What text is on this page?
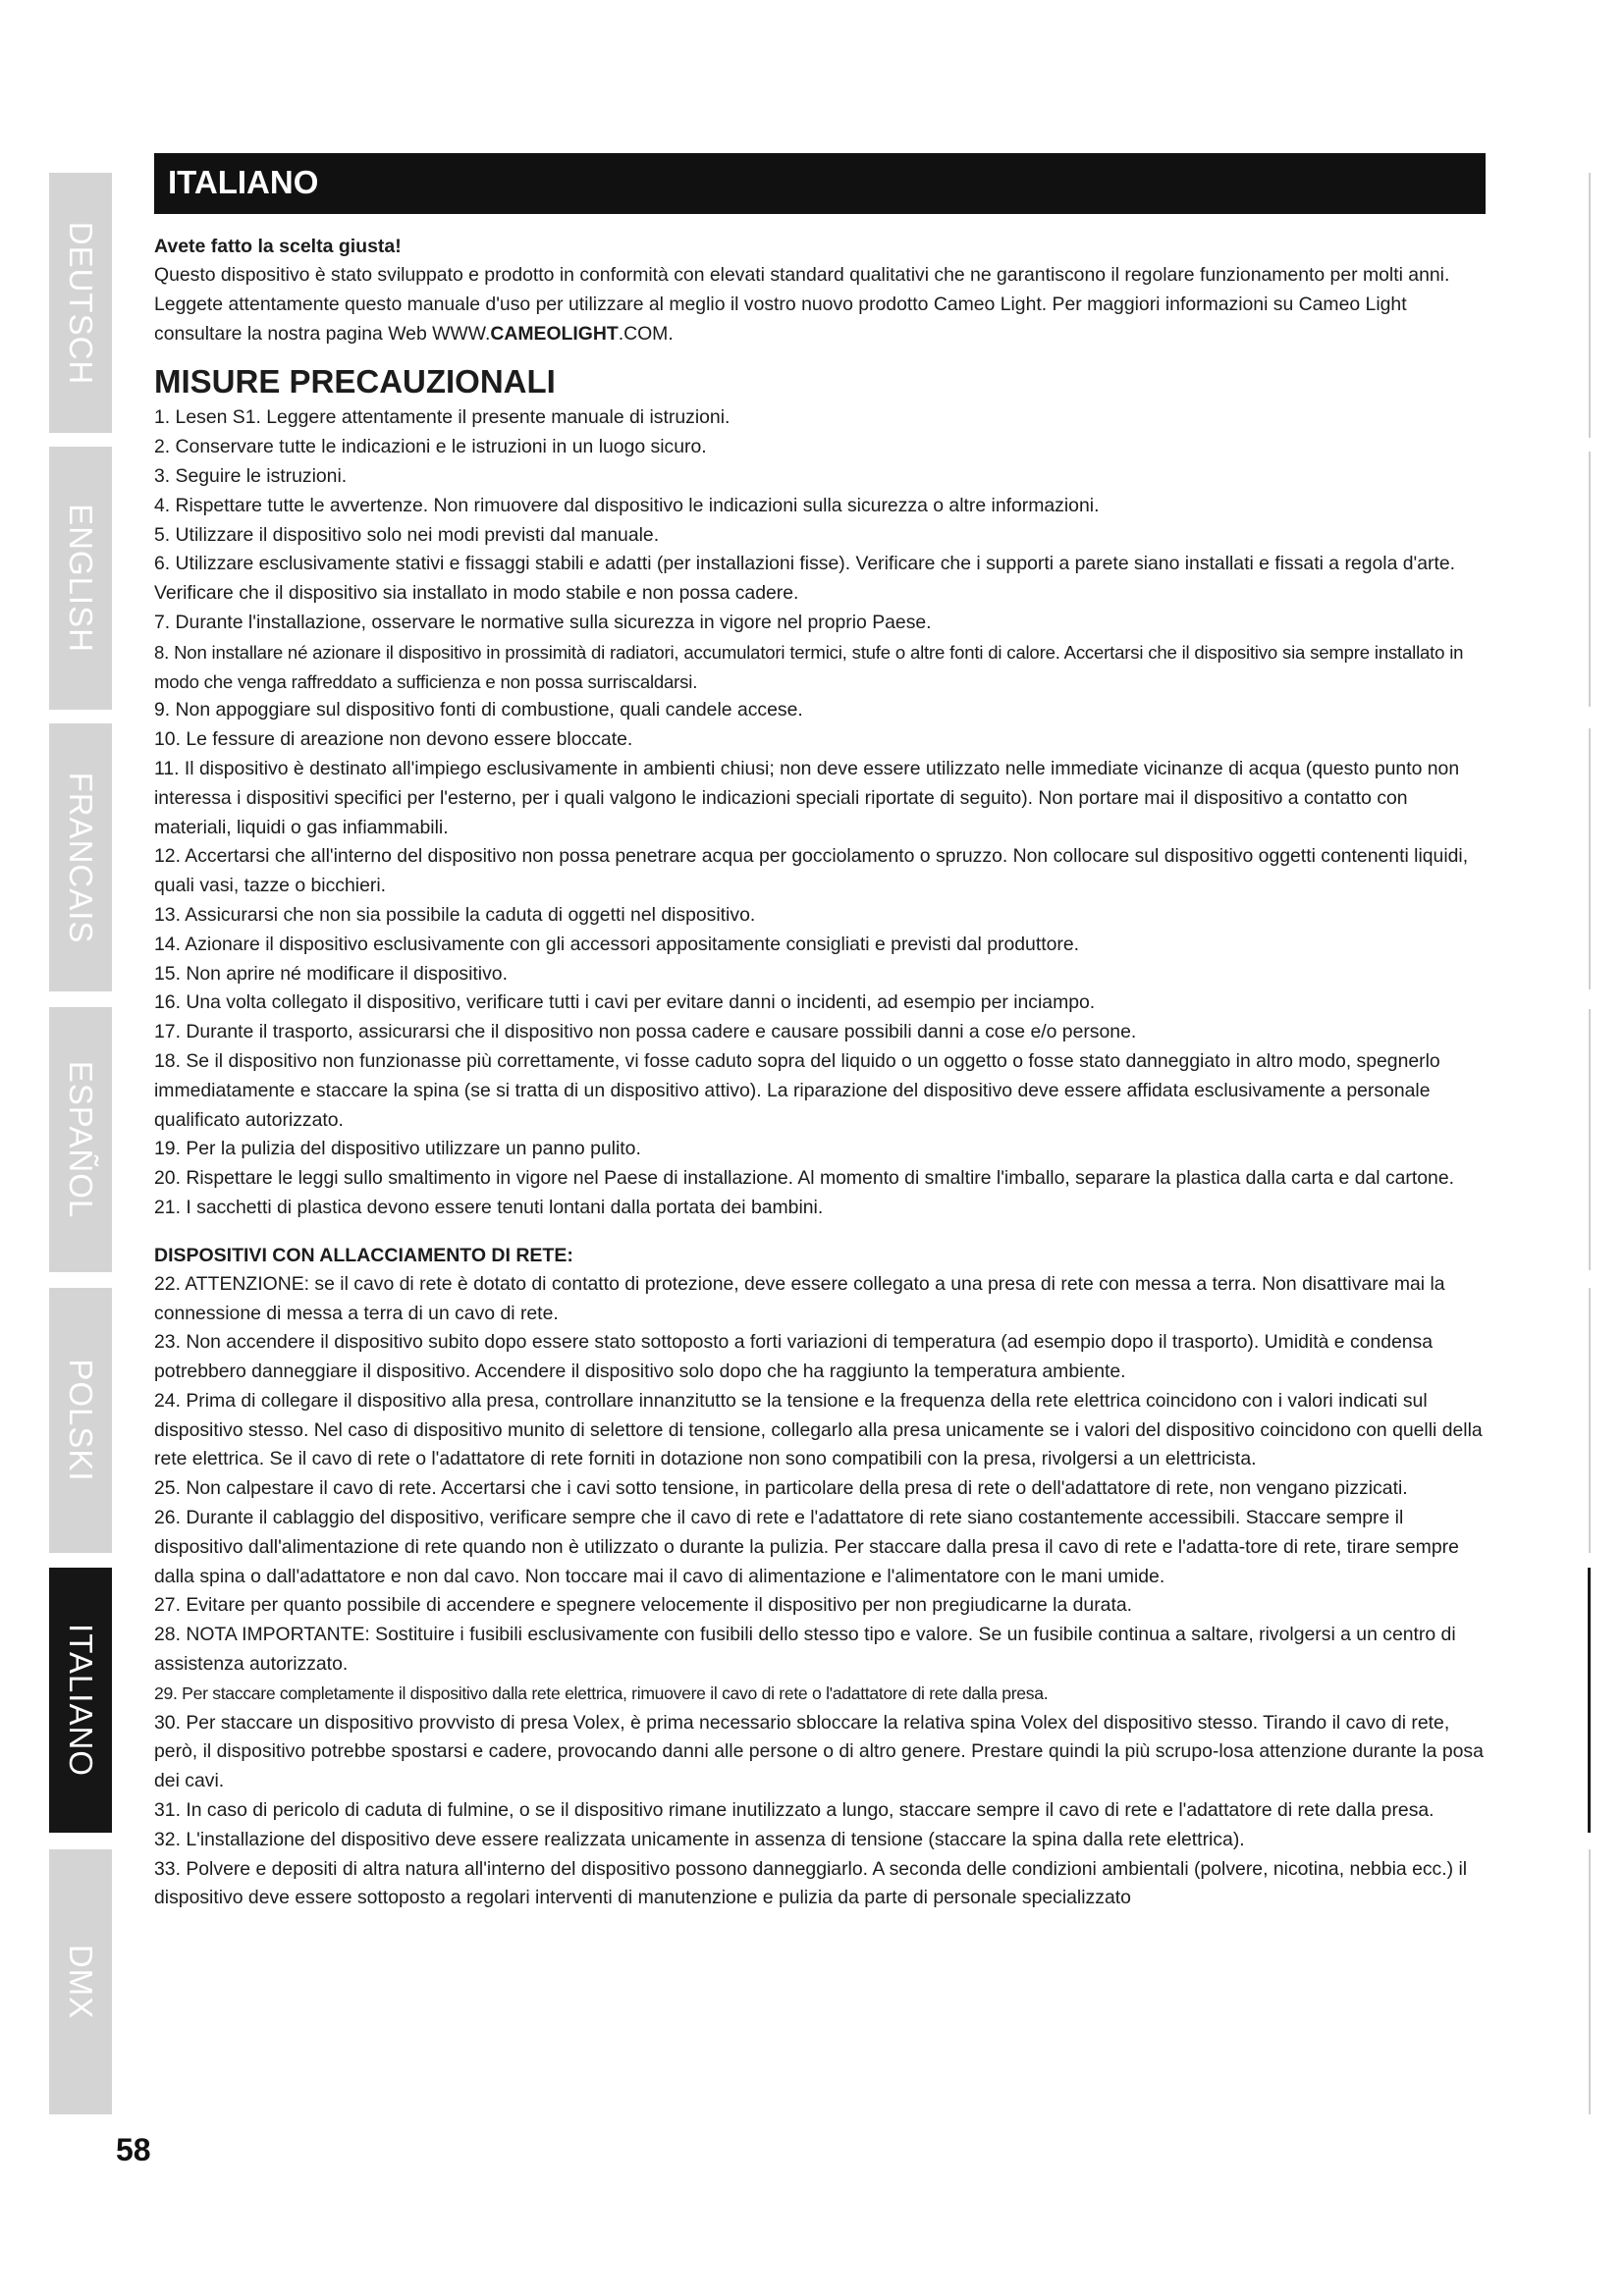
DEUTSCH
ENGLISH
FRANCAIS
ESPAÑOL
POLSKI
ITALIANO
DMX
ITALIANO

Avete fatto la scelta giusta!

Questo dispositivo è stato sviluppato e prodotto in conformità con elevati standard qualitativi che ne garantiscono il regolare funzionamento per molti anni. Leggete attentamente questo manuale d'uso per utilizzare al meglio il vostro nuovo prodotto Cameo Light. Per maggiori informazioni su Cameo Light consultare la nostra pagina Web WWW.CAMEOLIGHT.COM.

MISURE PRECAUZIONALI

1. Lesen S1. Leggere attentamente il presente manuale di istruzioni.

2. Conservare tutte le indicazioni e le istruzioni in un luogo sicuro.

3. Seguire le istruzioni.

4. Rispettare tutte le avvertenze. Non rimuovere dal dispositivo le indicazioni sulla sicurezza o altre informazioni.

5. Utilizzare il dispositivo solo nei modi previsti dal manuale.

6. Utilizzare esclusivamente stativi e fissaggi stabili e adatti (per installazioni fisse). Verificare che i supporti a parete siano installati e fissati a regola d'arte. Verificare che il dispositivo sia installato in modo stabile e non possa cadere.

7. Durante l'installazione, osservare le normative sulla sicurezza in vigore nel proprio Paese.

8. Non installare né azionare il dispositivo in prossimità di radiatori, accumulatori termici, stufe o altre fonti di calore. Accertarsi che il dispositivo sia sempre installato in modo che venga raffreddato a sufficienza e non possa surriscaldarsi.

9. Non appoggiare sul dispositivo fonti di combustione, quali candele accese.

10. Le fessure di areazione non devono essere bloccate.

11. Il dispositivo è destinato all'impiego esclusivamente in ambienti chiusi; non deve essere utilizzato nelle immediate vicinanze di acqua (questo punto non interessa i dispositivi specifici per l'esterno, per i quali valgono le indicazioni speciali riportate di seguito). Non portare mai il dispositivo a contatto con materiali, liquidi o gas infiammabili.

12. Accertarsi che all'interno del dispositivo non possa penetrare acqua per gocciolamento o spruzzo. Non collocare sul dispositivo oggetti contenenti liquidi, quali vasi, tazze o bicchieri.

13. Assicurarsi che non sia possibile la caduta di oggetti nel dispositivo.

14. Azionare il dispositivo esclusivamente con gli accessori appositamente consigliati e previsti dal produttore.

15. Non aprire né modificare il dispositivo.

16. Una volta collegato il dispositivo, verificare tutti i cavi per evitare danni o incidenti, ad esempio per inciampo.

17. Durante il trasporto, assicurarsi che il dispositivo non possa cadere e causare possibili danni a cose e/o persone.

18. Se il dispositivo non funzionasse più correttamente, vi fosse caduto sopra del liquido o un oggetto o fosse stato danneggiato in altro modo, spegnerlo immediatamente e staccare la spina (se si tratta di un dispositivo attivo). La riparazione del dispositivo deve essere affidata esclusivamente a personale qualificato autorizzato.

19. Per la pulizia del dispositivo utilizzare un panno pulito.

20. Rispettare le leggi sullo smaltimento in vigore nel Paese di installazione. Al momento di smaltire l'imballo, separare la plastica dalla carta e dal cartone.

21. I sacchetti di plastica devono essere tenuti lontani dalla portata dei bambini.

DISPOSITIVI CON ALLACCIAMENTO DI RETE:

22. ATTENZIONE: se il cavo di rete è dotato di contatto di protezione, deve essere collegato a una presa di rete con messa a terra. Non disattivare mai la connessione di messa a terra di un cavo di rete.

23. Non accendere il dispositivo subito dopo essere stato sottoposto a forti variazioni di temperatura (ad esempio dopo il trasporto). Umidità e condensa potrebbero danneggiare il dispositivo. Accendere il dispositivo solo dopo che ha raggiunto la temperatura ambiente.

24. Prima di collegare il dispositivo alla presa, controllare innanzitutto se la tensione e la frequenza della rete elettrica coincidono con i valori indicati sul dispositivo stesso. Nel caso di dispositivo munito di selettore di tensione, collegarlo alla presa unicamente se i valori del dispositivo coincidono con quelli della rete elettrica. Se il cavo di rete o l'adattatore di rete forniti in dotazione non sono compatibili con la presa, rivolgersi a un elettricista.

25. Non calpestare il cavo di rete. Accertarsi che i cavi sotto tensione, in particolare della presa di rete o dell'adattatore di rete, non vengano pizzicati.

26. Durante il cablaggio del dispositivo, verificare sempre che il cavo di rete e l'adattatore di rete siano costantemente accessibili. Staccare sempre il dispositivo dall'alimentazione di rete quando non è utilizzato o durante la pulizia. Per staccare dalla presa il cavo di rete e l'adatta-tore di rete, tirare sempre dalla spina o dall'adattatore e non dal cavo. Non toccare mai il cavo di alimentazione e l'alimentatore con le mani umide.

27. Evitare per quanto possibile di accendere e spegnere velocemente il dispositivo per non pregiudicarne la durata.

28. NOTA IMPORTANTE: Sostituire i fusibili esclusivamente con fusibili dello stesso tipo e valore. Se un fusibile continua a saltare, rivolgersi a un centro di assistenza autorizzato.

29. Per staccare completamente il dispositivo dalla rete elettrica, rimuovere il cavo di rete o l'adattatore di rete dalla presa.

30. Per staccare un dispositivo provvisto di presa Volex, è prima necessario sbloccare la relativa spina Volex del dispositivo stesso. Tirando il cavo di rete, però, il dispositivo potrebbe spostarsi e cadere, provocando danni alle persone o di altro genere. Prestare quindi la più scrupo-losa attenzione durante la posa dei cavi.

31. In caso di pericolo di caduta di fulmine, o se il dispositivo rimane inutilizzato a lungo, staccare sempre il cavo di rete e l'adattatore di rete dalla presa.

32. L'installazione del dispositivo deve essere realizzata unicamente in assenza di tensione (staccare la spina dalla rete elettrica).

33. Polvere e depositi di altra natura all'interno del dispositivo possono danneggiarlo. A seconda delle condizioni ambientali (polvere, nicotina, nebbia ecc.) il dispositivo deve essere sottoposto a regolari interventi di manutenzione e pulizia da parte di personale specializzato

58
